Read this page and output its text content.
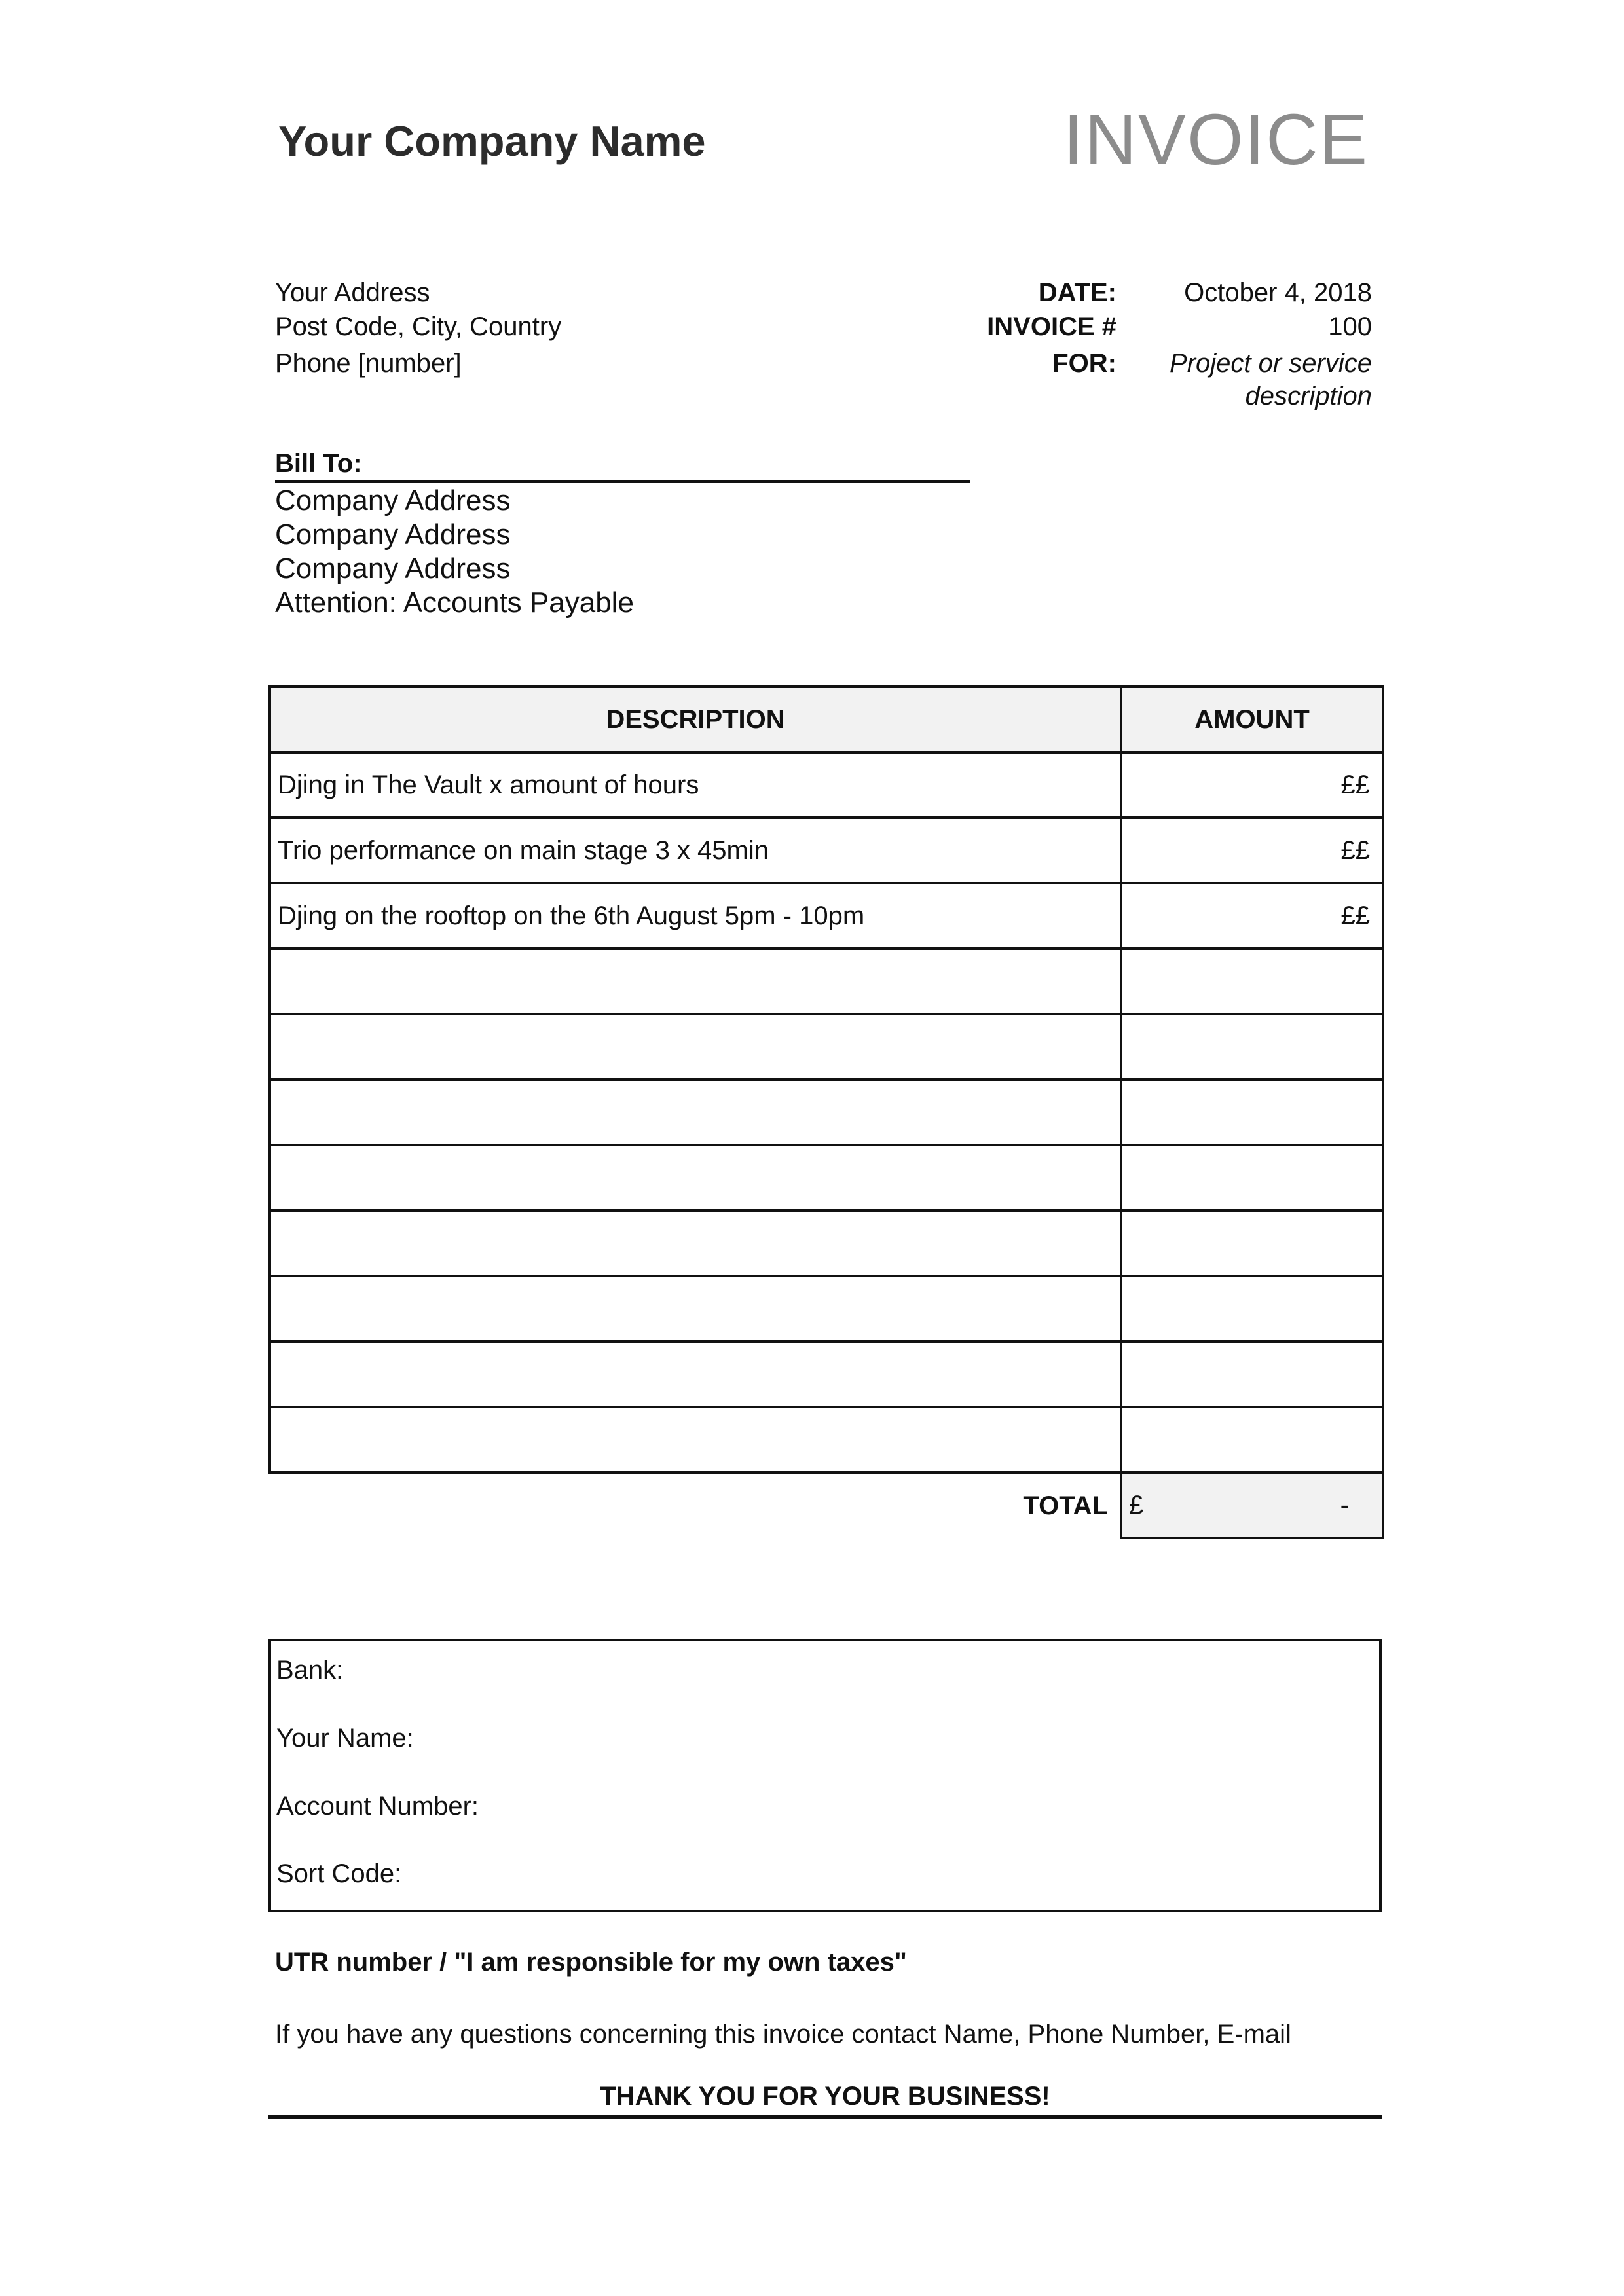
Your Company Name	INVOICE
Your Address
Post Code, City, Country
Phone [number]
DATE:	October 4, 2018
INVOICE #	100
FOR:	Project or service
description
Bill To:
Company Address
Company Address
Company Address
Attention: Accounts Payable
DESCRIPTION	AMOUNT
Djing in The Vault x amount of hours	££
Trio performance on main stage 3 x 45min	££
Djing on the rooftop on the 6th August 5pm - 10pm	££

TOTAL	£ -
Bank:
Your Name:
Account Number:
Sort Code:
UTR number / "I am responsible for my own taxes"
If you have any questions concerning this invoice contact Name, Phone Number, E-mail
THANK YOU FOR YOUR BUSINESS!
